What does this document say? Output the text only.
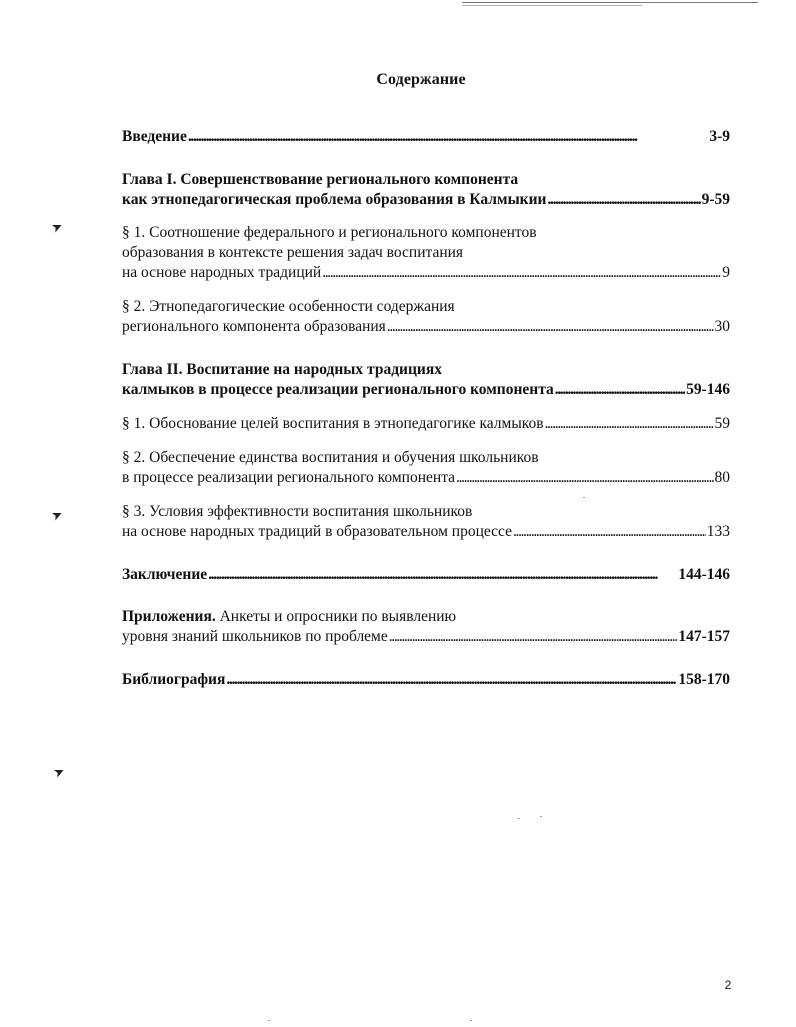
Содержание
Введение . . .	3-9
Глава I. Совершенствование регионального компонента
как этнопедагогическая проблема образования в Калмыкии . . .	9-59
§ 1. Соотношение федерального и регионального компонентов
образования в контексте решения задач воспитания
на основе народных традиций . . .	9
§ 2. Этнопедагогические особенности содержания
регионального компонента образования . . .	30
Глава II. Воспитание на народных традициях
калмыков в процессе реализации регионального компонента . . .	59-146
§ 1. Обоснование целей воспитания в этнопедагогике калмыков . . .	59
§ 2. Обеспечение единства воспитания и обучения школьников
в процессе реализации регионального компонента . . .	80
§ 3. Условия эффективности воспитания школьников
на основе народных традиций в образовательном процессе . . .	133
Заключение . . .	144-146
Приложения. Анкеты и опросники по выявлению
уровня знаний школьников по проблеме . . .	147-157
Библиография . . .	158-170
➤
➤
➤
2
